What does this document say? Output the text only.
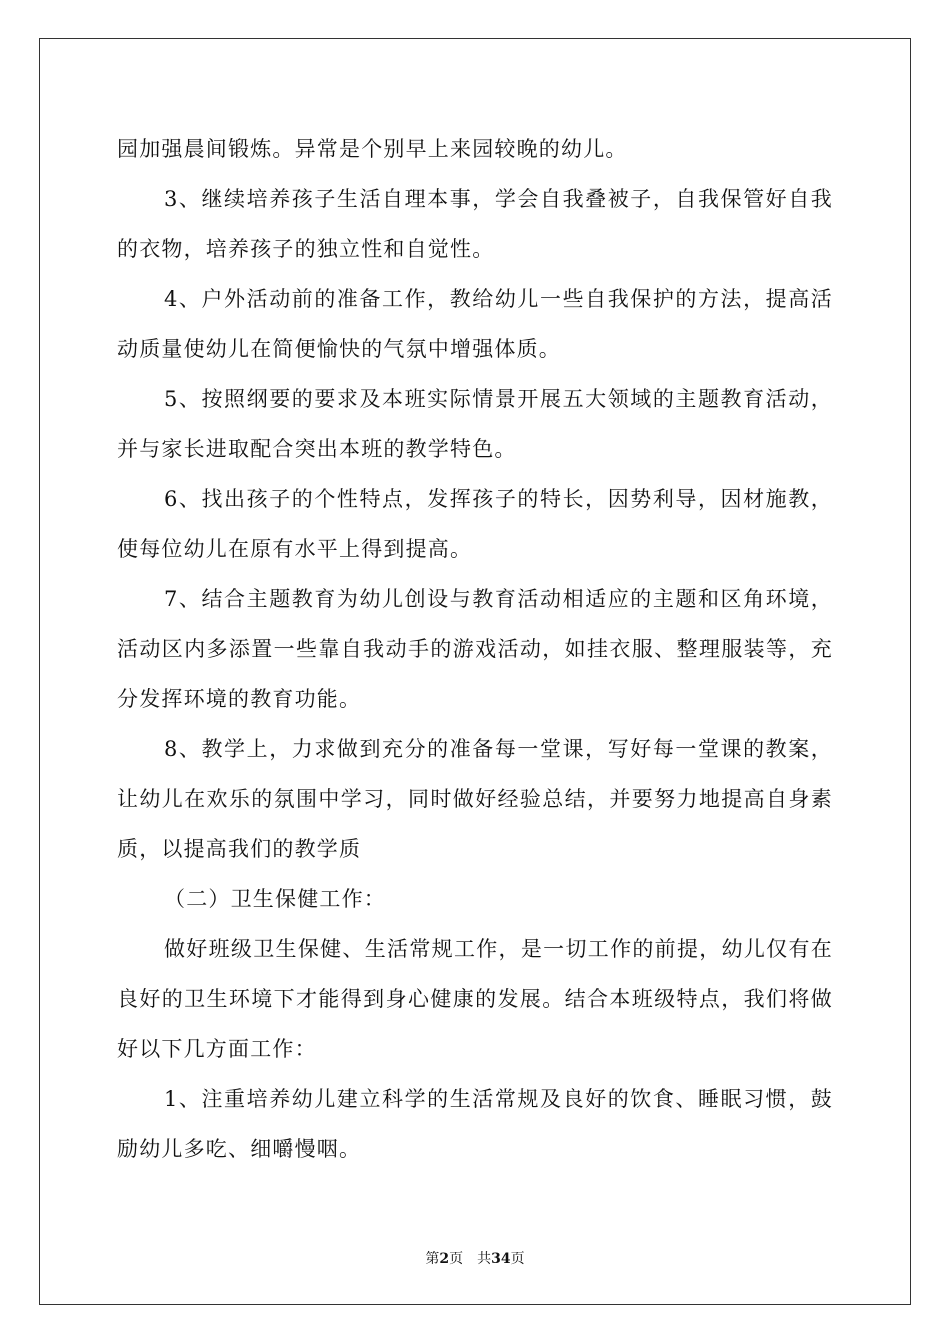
园加强晨间锻炼。异常是个别早上来园较晚的幼儿。

3、继续培养孩子生活自理本事，学会自我叠被子，自我保管好自我的衣物，培养孩子的独立性和自觉性。

4、户外活动前的准备工作，教给幼儿一些自我保护的方法，提高活动质量使幼儿在简便愉快的气氛中增强体质。

5、按照纲要的要求及本班实际情景开展五大领域的主题教育活动，并与家长进取配合突出本班的教学特色。

6、找出孩子的个性特点，发挥孩子的特长，因势利导，因材施教，使每位幼儿在原有水平上得到提高。

7、结合主题教育为幼儿创设与教育活动相适应的主题和区角环境，活动区内多添置一些靠自我动手的游戏活动，如挂衣服、整理服装等，充分发挥环境的教育功能。

8、教学上，力求做到充分的准备每一堂课，写好每一堂课的教案，让幼儿在欢乐的氛围中学习，同时做好经验总结，并要努力地提高自身素质，以提高我们的教学质

（二）卫生保健工作：

做好班级卫生保健、生活常规工作，是一切工作的前提，幼儿仅有在良好的卫生环境下才能得到身心健康的发展。结合本班级特点，我们将做好以下几方面工作：

1、注重培养幼儿建立科学的生活常规及良好的饮食、睡眠习惯，鼓励幼儿多吃、细嚼慢咽。

第2页 共34页
